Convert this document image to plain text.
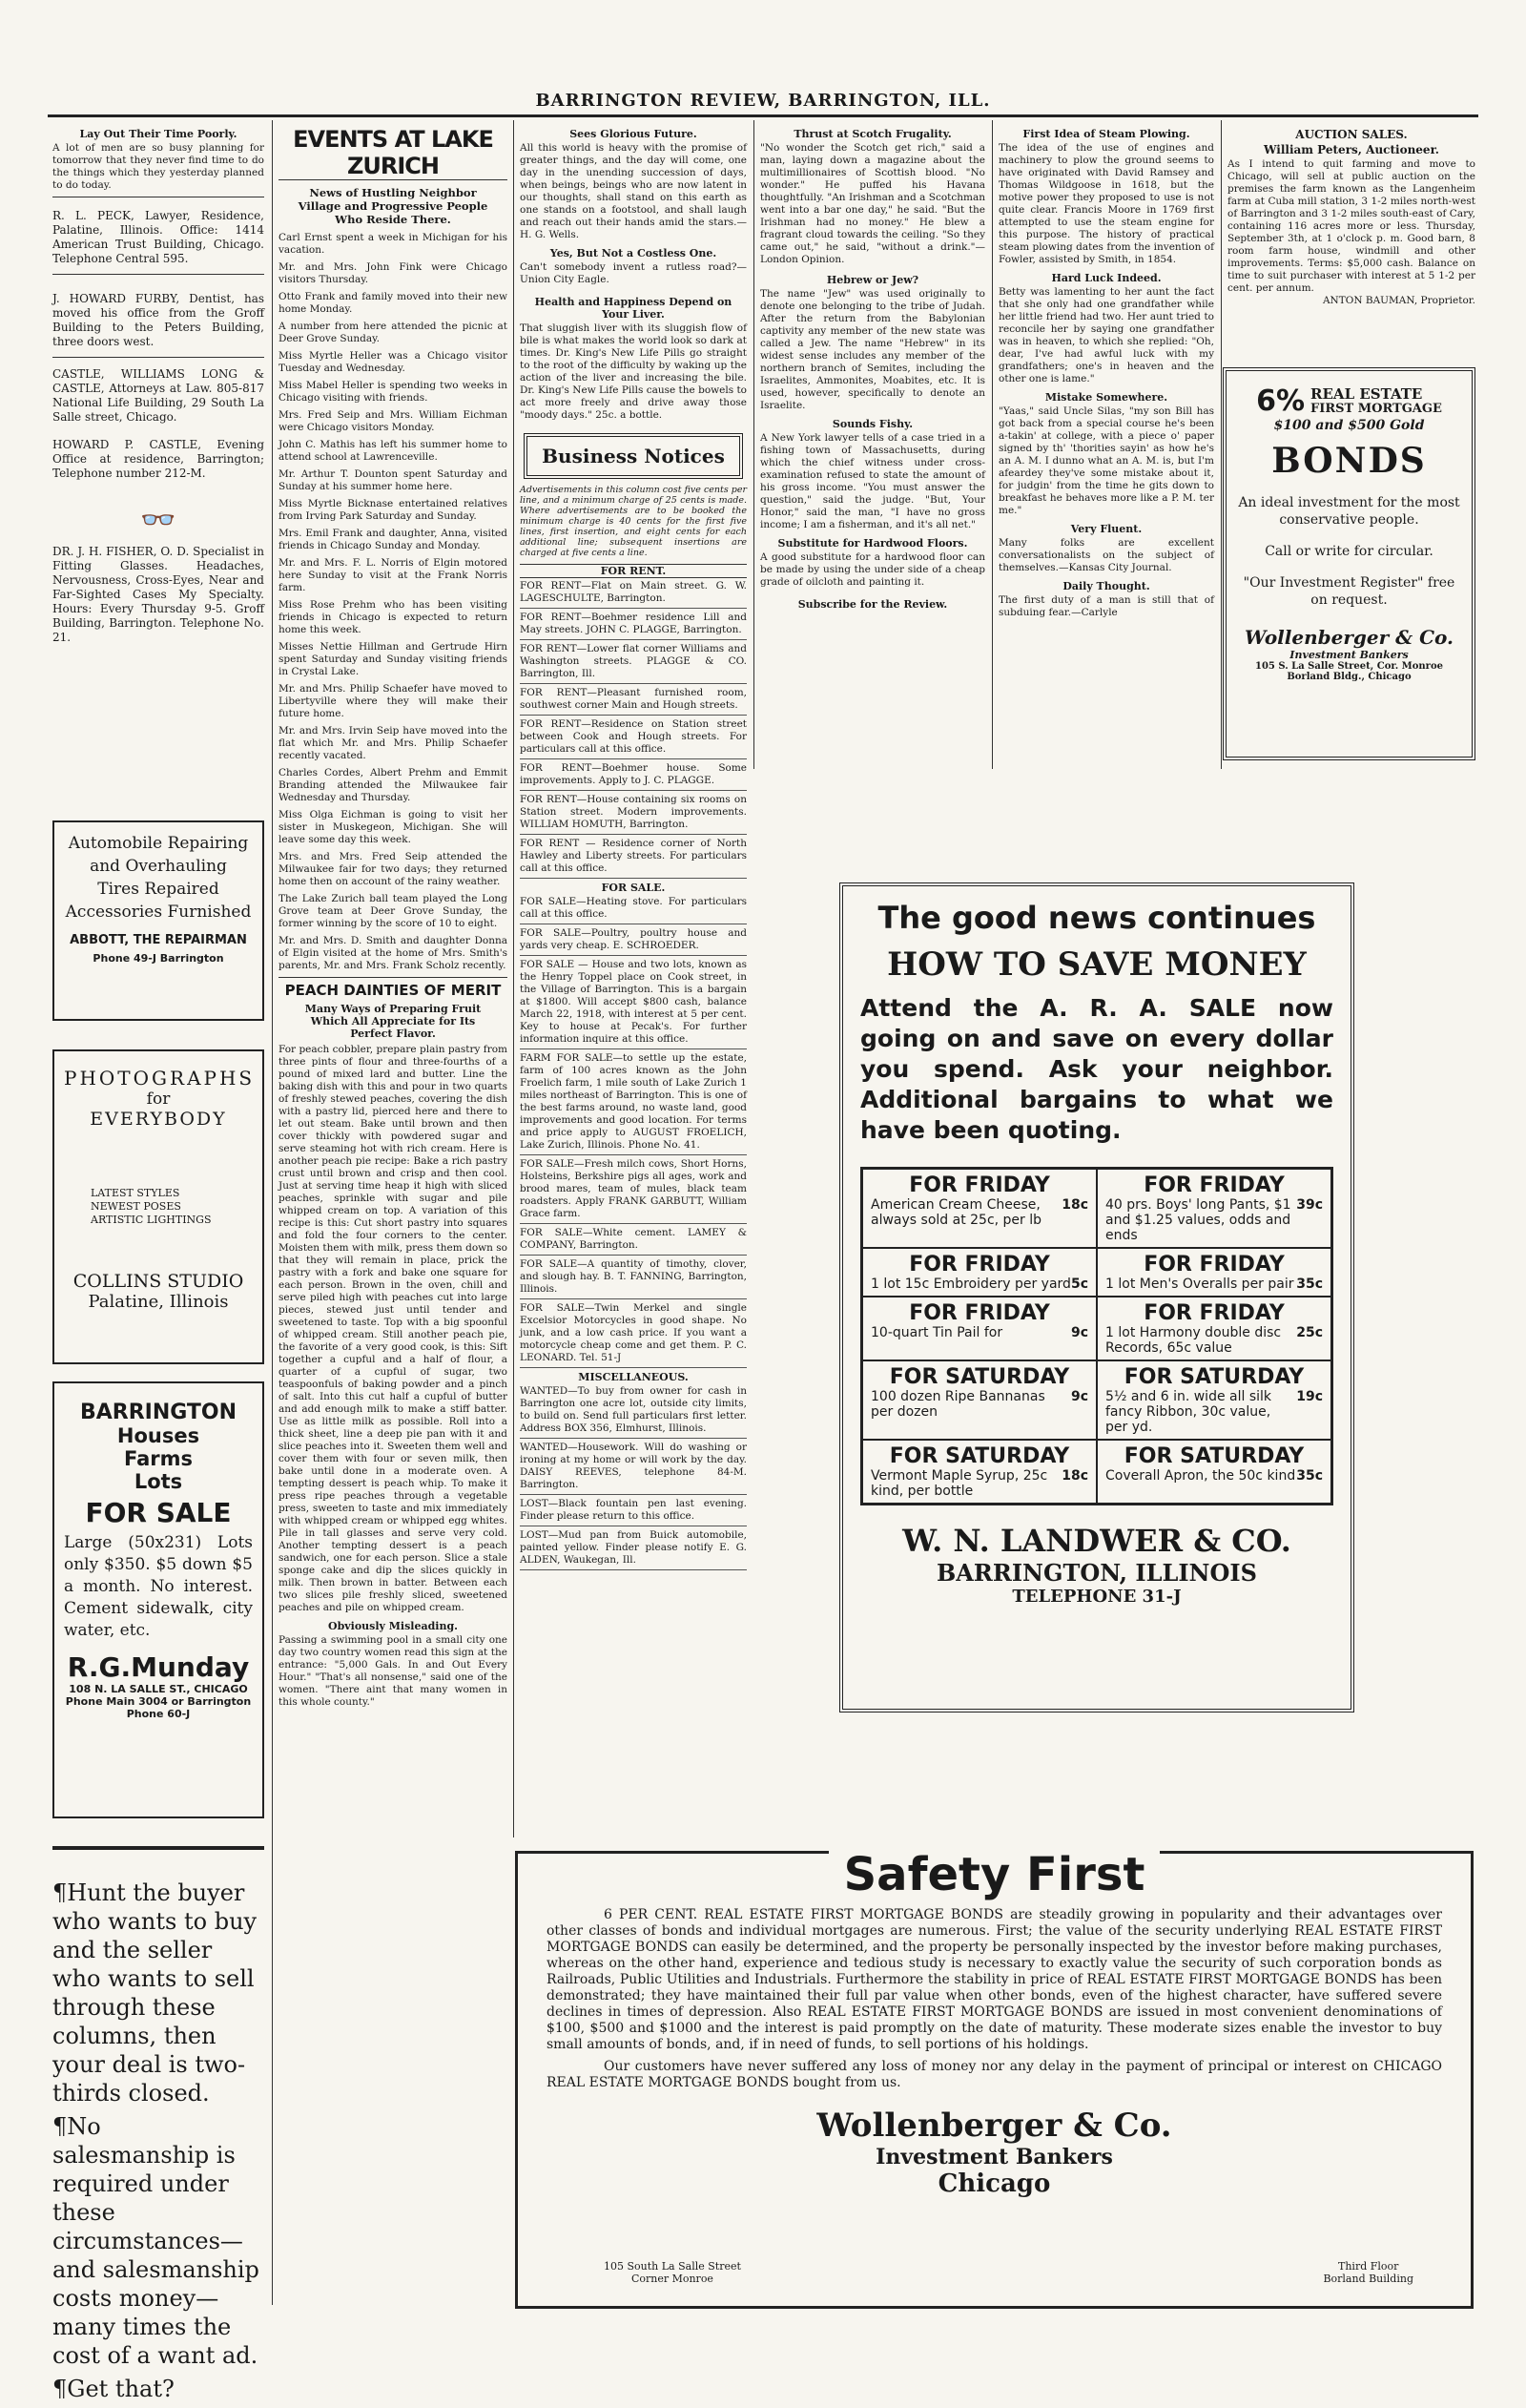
BARRINGTON REVIEW, BARRINGTON, ILL.
Lay Out Their Time Poorly.
A lot of men are so busy planning for tomorrow that they never find time to do the things which they yesterday planned to do today.
R. L. PECK, Lawyer, Residence, Palatine, Illinois. Office: 1414 American Trust Building, Chicago. Telephone Central 595.
J. HOWARD FURBY, Dentist, has moved his office from the Groff Building to the Peters Building, three doors west.
CASTLE, WILLIAMS LONG & CASTLE, Attorneys at Law. 805-817 National Life Building, 29 South La Salle street, Chicago.
HOWARD P. CASTLE, Evening Office at residence, Barrington; Telephone number 212-M.
👓
DR. J. H. FISHER, O. D. Specialist in Fitting Glasses. Headaches, Nervousness, Cross-Eyes, Near and Far-Sighted Cases My Specialty. Hours: Every Thursday 9-5. Groff Building, Barrington. Telephone No. 21.
Automobile Repairing and Overhauling
Tires Repaired
Accessories Furnished
ABBOTT, THE REPAIRMAN
Phone 49-J Barrington
PHOTOGRAPHS
for
EVERYBODY
LATEST STYLES
NEWEST POSES
ARTISTIC LIGHTINGS
COLLINS STUDIO
Palatine, Illinois
BARRINGTON
Houses
Farms
Lots
FOR SALE
Large (50x231) Lots only $350. $5 down $5 a month. No interest. Cement sidewalk, city water, etc.
R.G.Munday
108 N. LA SALLE ST., CHICAGO
Phone Main 3004 or Barrington
Phone 60-J

¶Hunt the buyer who wants to buy and the seller who wants to sell through these columns, then your deal is two-thirds closed.

¶No salesmanship is required under these circumstances—and salesmanship costs money—many times the cost of a want ad.

¶Get that?

EVENTS AT LAKE ZURICH
News of Hustling Neighbor Village and Progressive People Who Reside There.

Carl Ernst spent a week in Michigan for his vacation.

Mr. and Mrs. John Fink were Chicago visitors Thursday.

Otto Frank and family moved into their new home Monday.

A number from here attended the picnic at Deer Grove Sunday.

Miss Myrtle Heller was a Chicago visitor Tuesday and Wednesday.

Miss Mabel Heller is spending two weeks in Chicago visiting with friends.

Mrs. Fred Seip and Mrs. William Eichman were Chicago visitors Monday.

John C. Mathis has left his summer home to attend school at Lawrenceville.

Mr. Arthur T. Dounton spent Saturday and Sunday at his summer home here.

Miss Myrtle Bicknase entertained relatives from Irving Park Saturday and Sunday.

Mrs. Emil Frank and daughter, Anna, visited friends in Chicago Sunday and Monday.

Mr. and Mrs. F. L. Norris of Elgin motored here Sunday to visit at the Frank Norris farm.

Miss Rose Prehm who has been visiting friends in Chicago is expected to return home this week.

Misses Nettie Hillman and Gertrude Hirn spent Saturday and Sunday visiting friends in Crystal Lake.

Mr. and Mrs. Philip Schaefer have moved to Libertyville where they will make their future home.

Mr. and Mrs. Irvin Seip have moved into the flat which Mr. and Mrs. Philip Schaefer recently vacated.

Charles Cordes, Albert Prehm and Emmit Branding attended the Milwaukee fair Wednesday and Thursday.

Miss Olga Eichman is going to visit her sister in Muskegeon, Michigan. She will leave some day this week.

Mrs. and Mrs. Fred Seip attended the Milwaukee fair for two days; they returned home then on account of the rainy weather.

The Lake Zurich ball team played the Long Grove team at Deer Grove Sunday, the former winning by the score of 10 to eight.

Mr. and Mrs. D. Smith and daughter Donna of Elgin visited at the home of Mrs. Smith's parents, Mr. and Mrs. Frank Scholz recently.

PEACH DAINTIES OF MERIT
Many Ways of Preparing Fruit Which All Appreciate for Its Perfect Flavor.
For peach cobbler, prepare plain pastry from three pints of flour and three-fourths of a pound of mixed lard and butter. Line the baking dish with this and pour in two quarts of freshly stewed peaches, covering the dish with a pastry lid, pierced here and there to let out steam. Bake until brown and then cover thickly with powdered sugar and serve steaming hot with rich cream. Here is another peach pie recipe: Bake a rich pastry crust until brown and crisp and then cool. Just at serving time heap it high with sliced peaches, sprinkle with sugar and pile whipped cream on top. A variation of this recipe is this: Cut short pastry into squares and fold the four corners to the center. Moisten them with milk, press them down so that they will remain in place, prick the pastry with a fork and bake one square for each person. Brown in the oven, chill and serve piled high with peaches cut into large pieces, stewed just until tender and sweetened to taste. Top with a big spoonful of whipped cream. Still another peach pie, the favorite of a very good cook, is this: Sift together a cupful and a half of flour, a quarter of a cupful of sugar, two teaspoonfuls of baking powder and a pinch of salt. Into this cut half a cupful of butter and add enough milk to make a stiff batter. Use as little milk as possible. Roll into a thick sheet, line a deep pie pan with it and slice peaches into it. Sweeten them well and cover them with four or seven milk, then bake until done in a moderate oven. A tempting dessert is peach whip. To make it press ripe peaches through a vegetable press, sweeten to taste and mix immediately with whipped cream or whipped egg whites. Pile in tall glasses and serve very cold. Another tempting dessert is a peach sandwich, one for each person. Slice a stale sponge cake and dip the slices quickly in milk. Then brown in batter. Between each two slices pile freshly sliced, sweetened peaches and pile on whipped cream.
Obviously Misleading.
Passing a swimming pool in a small city one day two country women read this sign at the entrance: "5,000 Gals. In and Out Every Hour." "That's all nonsense," said one of the women. "There aint that many women in this whole county."
Sees Glorious Future.
All this world is heavy with the promise of greater things, and the day will come, one day in the unending succession of days, when beings, beings who are now latent in our thoughts, shall stand on this earth as one stands on a footstool, and shall laugh and reach out their hands amid the stars.—H. G. Wells.
Yes, But Not a Costless One.
Can't somebody invent a rutless road?—Union City Eagle.
Health and Happiness Depend on Your Liver.
That sluggish liver with its sluggish flow of bile is what makes the world look so dark at times. Dr. King's New Life Pills go straight to the root of the difficulty by waking up the action of the liver and increasing the bile. Dr. King's New Life Pills cause the bowels to act more freely and drive away those "moody days." 25c. a bottle.
Business Notices
Advertisements in this column cost five cents per line, and a minimum charge of 25 cents is made. Where advertisements are to be booked the minimum charge is 40 cents for the first five lines, first insertion, and eight cents for each additional line; subsequent insertions are charged at five cents a line.
FOR RENT.

FOR RENT—Flat on Main street. G. W. LAGESCHULTE, Barrington.

FOR RENT—Boehmer residence Lill and May streets. JOHN C. PLAGGE, Barrington.

FOR RENT—Lower flat corner Williams and Washington streets. PLAGGE & CO. Barrington, Ill.

FOR RENT—Pleasant furnished room, southwest corner Main and Hough streets.

FOR RENT—Residence on Station street between Cook and Hough streets. For particulars call at this office.

FOR RENT—Boehmer house. Some improvements. Apply to J. C. PLAGGE.

FOR RENT—House containing six rooms on Station street. Modern improvements. WILLIAM HOMUTH, Barrington.

FOR RENT — Residence corner of North Hawley and Liberty streets. For particulars call at this office.

FOR SALE.

FOR SALE—Heating stove. For particulars call at this office.

FOR SALE—Poultry, poultry house and yards very cheap. E. SCHROEDER.

FOR SALE — House and two lots, known as the Henry Toppel place on Cook street, in the Village of Barrington. This is a bargain at $1800. Will accept $800 cash, balance March 22, 1918, with interest at 5 per cent. Key to house at Pecak's. For further information inquire at this office.

FARM FOR SALE—to settle up the estate, farm of 100 acres known as the John Froelich farm, 1 mile south of Lake Zurich 1 miles northeast of Barrington. This is one of the best farms around, no waste land, good improvements and good location. For terms and price apply to AUGUST FROELICH, Lake Zurich, Illinois. Phone No. 41.

FOR SALE—Fresh milch cows, Short Horns, Holsteins, Berkshire pigs all ages, work and brood mares, team of mules, black team roadsters. Apply FRANK GARBUTT, William Grace farm.

FOR SALE—White cement. LAMEY & COMPANY, Barrington.

FOR SALE—A quantity of timothy, clover, and slough hay. B. T. FANNING, Barrington, Illinois.

FOR SALE—Twin Merkel and single Excelsior Motorcycles in good shape. No junk, and a low cash price. If you want a motorcycle cheap come and get them. P. C. LEONARD. Tel. 51-J

MISCELLANEOUS.

WANTED—To buy from owner for cash in Barrington one acre lot, outside city limits, to build on. Send full particulars first letter. Address BOX 356, Elmhurst, Illinois.

WANTED—Housework. Will do washing or ironing at my home or will work by the day. DAISY REEVES, telephone 84-M. Barrington.

LOST—Black fountain pen last evening. Finder please return to this office.

LOST—Mud pan from Buick automobile, painted yellow. Finder please notify E. G. ALDEN, Waukegan, Ill.

Thrust at Scotch Frugality.
"No wonder the Scotch get rich," said a man, laying down a magazine about the multimillionaires of Scottish blood. "No wonder." He puffed his Havana thoughtfully. "An Irishman and a Scotchman went into a bar one day," he said. "But the Irishman had no money." He blew a fragrant cloud towards the ceiling. "So they came out," he said, "without a drink."—London Opinion.
Hebrew or Jew?
The name "Jew" was used originally to denote one belonging to the tribe of Judah. After the return from the Babylonian captivity any member of the new state was called a Jew. The name "Hebrew" in its widest sense includes any member of the northern branch of Semites, including the Israelites, Ammonites, Moabites, etc. It is used, however, specifically to denote an Israelite.
Sounds Fishy.
A New York lawyer tells of a case tried in a fishing town of Massachusetts, during which the chief witness under cross-examination refused to state the amount of his gross income. "You must answer the question," said the judge. "But, Your Honor," said the man, "I have no gross income; I am a fisherman, and it's all net."
Substitute for Hardwood Floors.
A good substitute for a hardwood floor can be made by using the under side of a cheap grade of oilcloth and painting it.
Subscribe for the Review.
First Idea of Steam Plowing.
The idea of the use of engines and machinery to plow the ground seems to have originated with David Ramsey and Thomas Wildgoose in 1618, but the motive power they proposed to use is not quite clear. Francis Moore in 1769 first attempted to use the steam engine for this purpose. The history of practical steam plowing dates from the invention of Fowler, assisted by Smith, in 1854.
Hard Luck Indeed.
Betty was lamenting to her aunt the fact that she only had one grandfather while her little friend had two. Her aunt tried to reconcile her by saying one grandfather was in heaven, to which she replied: "Oh, dear, I've had awful luck with my grandfathers; one's in heaven and the other one is lame."
Mistake Somewhere.
"Yaas," said Uncle Silas, "my son Bill has got back from a special course he's been a-takin' at college, with a piece o' paper signed by th' 'thorities sayin' as how he's an A. M. I dunno what an A. M. is, but I'm afeardey they've some mistake about it, for judgin' from the time he gits down to breakfast he behaves more like a P. M. ter me."
Very Fluent.
Many folks are excellent conversationalists on the subject of themselves.—Kansas City Journal.
Daily Thought.
The first duty of a man is still that of subduing fear.—Carlyle
AUCTION SALES.
William Peters, Auctioneer.
As I intend to quit farming and move to Chicago, will sell at public auction on the premises the farm known as the Langenheim farm at Cuba mill station, 3 1-2 miles north-west of Barrington and 3 1-2 miles south-east of Cary, containing 116 acres more or less. Thursday, September 3th, at 1 o'clock p. m. Good barn, 8 room farm house, windmill and other improvements. Terms: $5,000 cash. Balance on time to suit purchaser with interest at 5 1-2 per cent. per annum.
ANTON BAUMAN, Proprietor.
6% REAL ESTATE
FIRST MORTGAGE
$100 and $500 Gold
BONDS
An ideal investment for the most conservative people.
Call or write for circular.
"Our Investment Register" free on request.
Wollenberger & Co.
Investment Bankers
105 S. La Salle Street, Cor. Monroe
Borland Bldg., Chicago
The good news continues
HOW TO SAVE MONEY
Attend the A. R. A. SALE now going on and save on every dollar you spend. Ask your neighbor. Additional bargains to what we have been quoting.
FOR FRIDAY
American Cream Cheese, always sold at 25c, per lb
18c
FOR FRIDAY
40 prs. Boys' long Pants, $1 and $1.25 values, odds and ends
39c
FOR FRIDAY
1 lot 15c Embroidery per yard 5c
FOR FRIDAY
1 lot Men's Overalls per pair 35c
FOR FRIDAY
10-quart Tin Pail for	9c
FOR FRIDAY
1 lot Harmony double disc Records, 65c value
25c
FOR SATURDAY
100 dozen Ripe Bannanas per dozen
9c
FOR SATURDAY
5½ and 6 in. wide all silk fancy Ribbon, 30c value, per yd.
19c
FOR SATURDAY
Vermont Maple Syrup, 25c kind, per bottle
18c
FOR SATURDAY
Coverall Apron, the 50c kind 35c
W. N. LANDWER & CO.
BARRINGTON, ILLINOIS
TELEPHONE 31-J
Safety First
6 PER CENT. REAL ESTATE FIRST MORTGAGE BONDS are steadily growing in popularity and their advantages over other classes of bonds and individual mortgages are numerous. First; the value of the security underlying REAL ESTATE FIRST MORTGAGE BONDS can easily be determined, and the property be personally inspected by the investor before making purchases, whereas on the other hand, experience and tedious study is necessary to exactly value the security of such corporation bonds as Railroads, Public Utilities and Industrials. Furthermore the stability in price of REAL ESTATE FIRST MORTGAGE BONDS has been demonstrated; they have maintained their full par value when other bonds, even of the highest character, have suffered severe declines in times of depression. Also REAL ESTATE FIRST MORTGAGE BONDS are issued in most convenient denominations of $100, $500 and $1000 and the interest is paid promptly on the date of maturity. These moderate sizes enable the investor to buy small amounts of bonds, and, if in need of funds, to sell portions of his holdings.
Our customers have never suffered any loss of money nor any delay in the payment of principal or interest on CHICAGO REAL ESTATE MORTGAGE BONDS bought from us.
Wollenberger & Co.
Investment Bankers
Chicago
105 South La Salle Street
Corner Monroe
Third Floor
Borland Building
